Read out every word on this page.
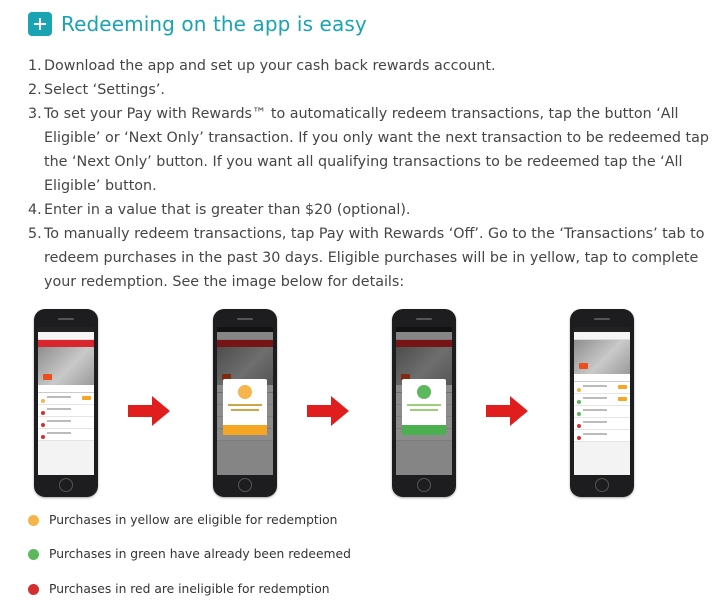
Redeeming on the app is easy
1. Download the app and set up your cash back rewards account.
2. Select ‘Settings’.
3. To set your Pay with Rewards™ to automatically redeem transactions, tap the button ‘All Eligible’ or ‘Next Only’ transaction. If you only want the next transaction to be redeemed tap the ‘Next Only’ button. If you want all qualifying transactions to be redeemed tap the ‘All Eligible’ button.
4. Enter in a value that is greater than $20 (optional).
5. To manually redeem transactions, tap Pay with Rewards ‘Off’. Go to the ‘Transactions’ tab to redeem purchases in the past 30 days. Eligible purchases will be in yellow, tap to complete your redemption. See the image below for details:
Purchases in yellow are eligible for redemption
Purchases in green have already been redeemed
Purchases in red are ineligible for redemption
